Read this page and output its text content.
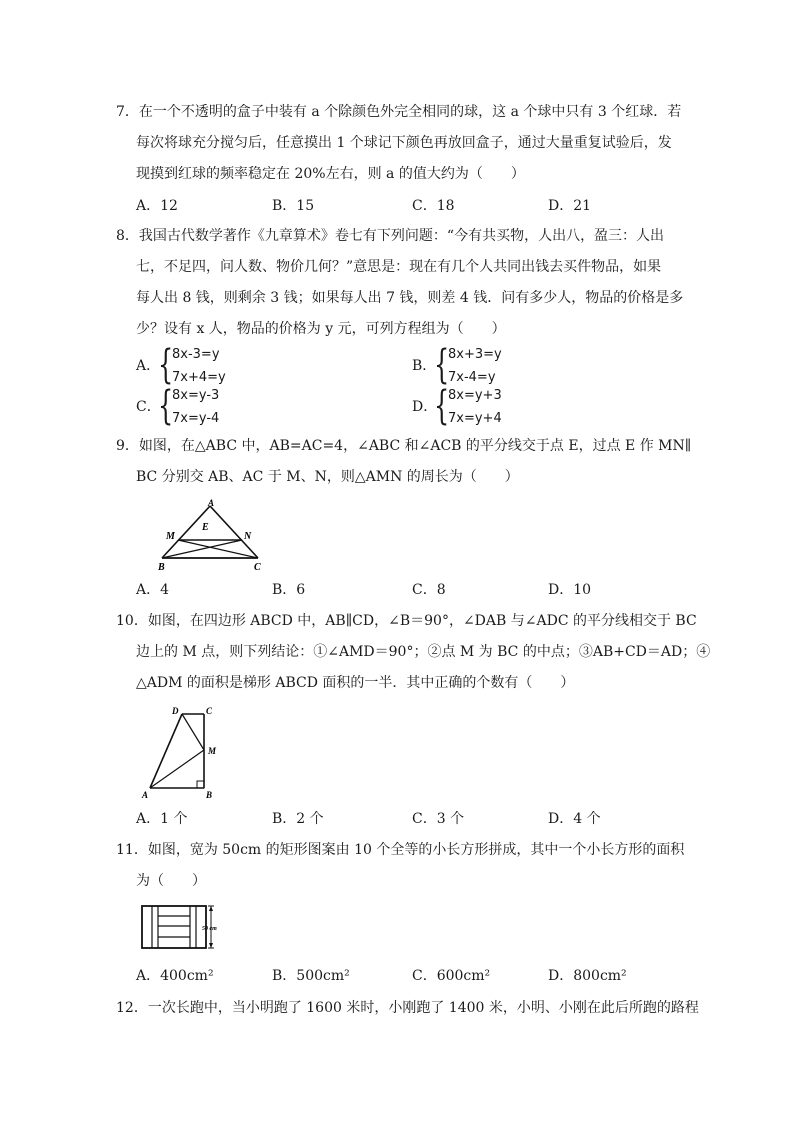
7．在一个不透明的盒子中装有 a 个除颜色外完全相同的球，这 a 个球中只有 3 个红球．若
每次将球充分搅匀后，任意摸出 1 个球记下颜色再放回盒子，通过大量重复试验后，发
现摸到红球的频率稳定在 20%左右，则 a 的值大约为（　　）
A．12	B．15	C．18	D．21
8．我国古代数学著作《九章算术》卷七有下列问题：“今有共买物，人出八，盈三：人出
七，不足四，问人数、物价几何？”意思是：现在有几个人共同出钱去买件物品，如果
每人出 8 钱，则剩余 3 钱；如果每人出 7 钱，则差 4 钱．问有多少人，物品的价格是多
少？设有 x 人，物品的价格为 y 元，可列方程组为（　　）
A．
{
8x-3=y
7x+4=y
B．
{
8x+3=y
7x-4=y
C．
{
8x=y-3
7x=y-4
D．
{
8x=y+3
7x=y+4
9．如图，在△ABC 中，AB=AC=4，∠ABC 和∠ACB 的平分线交于点 E，过点 E 作 MN∥
BC 分别交 AB、AC 于 M、N，则△AMN 的周长为（　　）
A
E
M	N
B	C
A．4	B．6	C．8	D．10
10．如图，在四边形 ABCD 中，AB∥CD，∠B＝90°，∠DAB 与∠ADC 的平分线相交于 BC
边上的 M 点，则下列结论：①∠AMD＝90°；②点 M 为 BC 的中点；③AB+CD＝AD；④
△ADM 的面积是梯形 ABCD 面积的一半．其中正确的个数有（　　）
D	C
M
A	B
A．1 个	B．2 个	C．3 个	D．4 个
11．如图，宽为 50cm 的矩形图案由 10 个全等的小长方形拼成，其中一个小长方形的面积
为（　　）
50 cm
A．400cm²	B．500cm²	C．600cm²	D．800cm²
12．一次长跑中，当小明跑了 1600 米时，小刚跑了 1400 米，小明、小刚在此后所跑的路程
